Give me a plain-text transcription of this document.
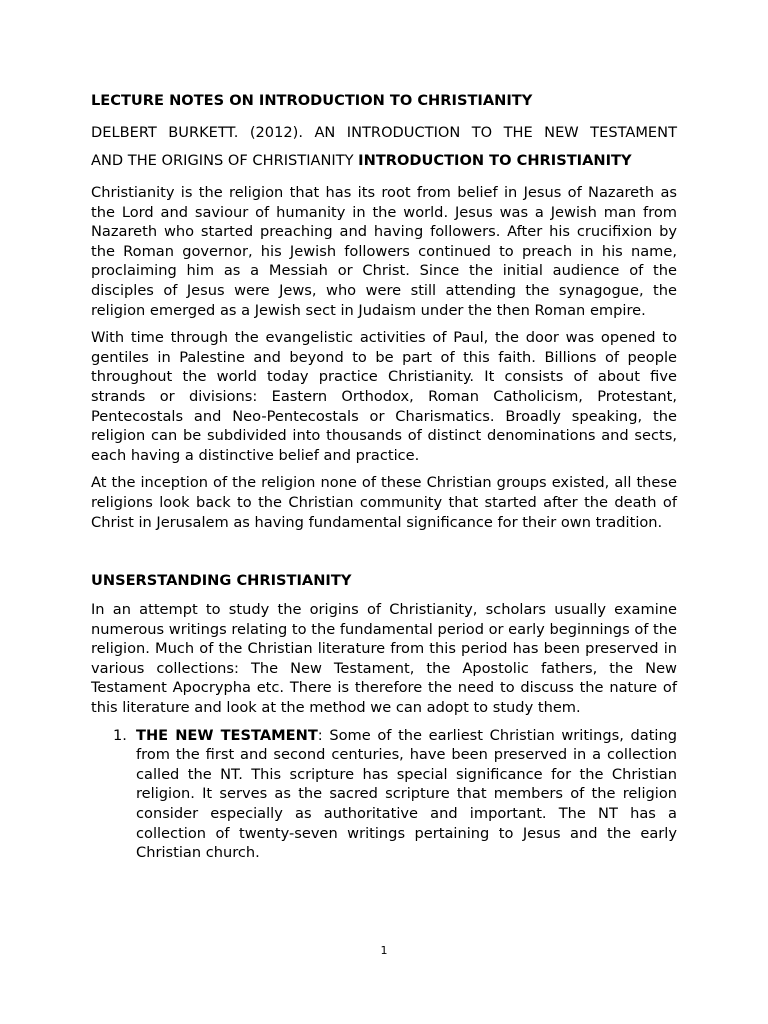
LECTURE NOTES ON INTRODUCTION TO CHRISTIANITY
DELBERT BURKETT. (2012). AN INTRODUCTION TO THE NEW TESTAMENT
AND THE ORIGINS OF CHRISTIANITY INTRODUCTION TO CHRISTIANITY

Christianity is the religion that has its root from belief in Jesus of Nazareth as the Lord and saviour of humanity in the world. Jesus was a Jewish man from Nazareth who started preaching and having followers. After his crucifixion by the Roman governor, his Jewish followers continued to preach in his name, proclaiming him as a Messiah or Christ. Since the initial audience of the disciples of Jesus were Jews, who were still attending the synagogue, the religion emerged as a Jewish sect in Judaism under the then Roman empire.

With time through the evangelistic activities of Paul, the door was opened to gentiles in Palestine and beyond to be part of this faith. Billions of people throughout the world today practice Christianity. It consists of about five strands or divisions: Eastern Orthodox, Roman Catholicism, Protestant, Pentecostals and Neo-Pentecostals or Charismatics. Broadly speaking, the religion can be subdivided into thousands of distinct denominations and sects, each having a distinctive belief and practice.

At the inception of the religion none of these Christian groups existed, all these religions look back to the Christian community that started after the death of Christ in Jerusalem as having fundamental significance for their own tradition.

UNSERSTANDING CHRISTIANITY

In an attempt to study the origins of Christianity, scholars usually examine numerous writings relating to the fundamental period or early beginnings of the religion. Much of the Christian literature from this period has been preserved in various collections: The New Testament, the Apostolic fathers, the New Testament Apocrypha etc. There is therefore the need to discuss the nature of this literature and look at the method we can adopt to study them.

1. THE NEW TESTAMENT: Some of the earliest Christian writings, dating from the first and second centuries, have been preserved in a collection called the NT. This scripture has special significance for the Christian religion. It serves as the sacred scripture that members of the religion consider especially as authoritative and important. The NT has a collection of twenty-seven writings pertaining to Jesus and the early Christian church.
1
